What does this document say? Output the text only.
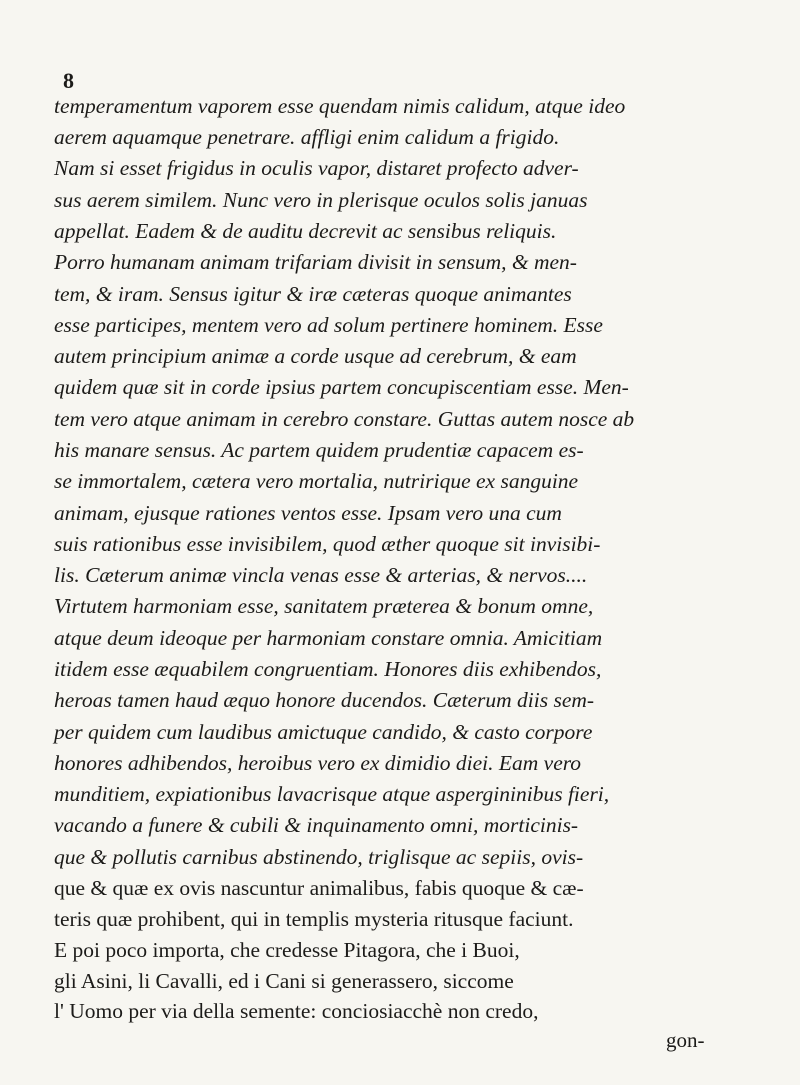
8
temperamentum vaporem esse quendam nimis calidum, atque ideo
aerem aquamque penetrare. affligi enim calidum a frigido.
Nam si esset frigidus in oculis vapor, distaret profecto adver-
sus aerem similem. Nunc vero in plerisque oculos solis januas
appellat. Eadem & de auditu decrevit ac sensibus reliquis.
Porro humanam animam trifariam divisit in sensum, & men-
tem, & iram. Sensus igitur & iræ cæteras quoque animantes
esse participes, mentem vero ad solum pertinere hominem. Esse
autem principium animæ a corde usque ad cerebrum, & eam
quidem quæ sit in corde ipsius partem concupiscentiam esse. Men-
tem vero atque animam in cerebro constare. Guttas autem nosce ab
his manare sensus. Ac partem quidem prudentiæ capacem es-
se immortalem, cætera vero mortalia, nutririque ex sanguine
animam, ejusque rationes ventos esse. Ipsam vero una cum
suis rationibus esse invisibilem, quod æther quoque sit invisibi-
lis. Cæterum animæ vincla venas esse & arterias, & nervos....
Virtutem harmoniam esse, sanitatem præterea & bonum omne,
atque deum ideoque per harmoniam constare omnia. Amicitiam
itidem esse æquabilem congruentiam. Honores diis exhibendos,
heroas tamen haud æquo honore ducendos. Cæterum diis sem-
per quidem cum laudibus amictuque candido, & casto corpore
honores adhibendos, heroibus vero ex dimidio diei. Eam vero
munditiem, expiationibus lavacrisque atque aspergininibus fieri,
vacando a funere & cubili & inquinamento omni, morticinis-
que & pollutis carnibus abstinendo, triglisque ac sepiis, ovis-
que & quæ ex ovis nascuntur animalibus, fabis quoque & cæ-
teris quæ prohibent, qui in templis mysteria ritusque faciunt.
E poi poco importa, che credesse Pitagora, che i Buoi,
gli Asini, li Cavalli, ed i Cani si generassero, siccome
l' Uomo per via della semente: conciosiacchè non credo,
gon-
